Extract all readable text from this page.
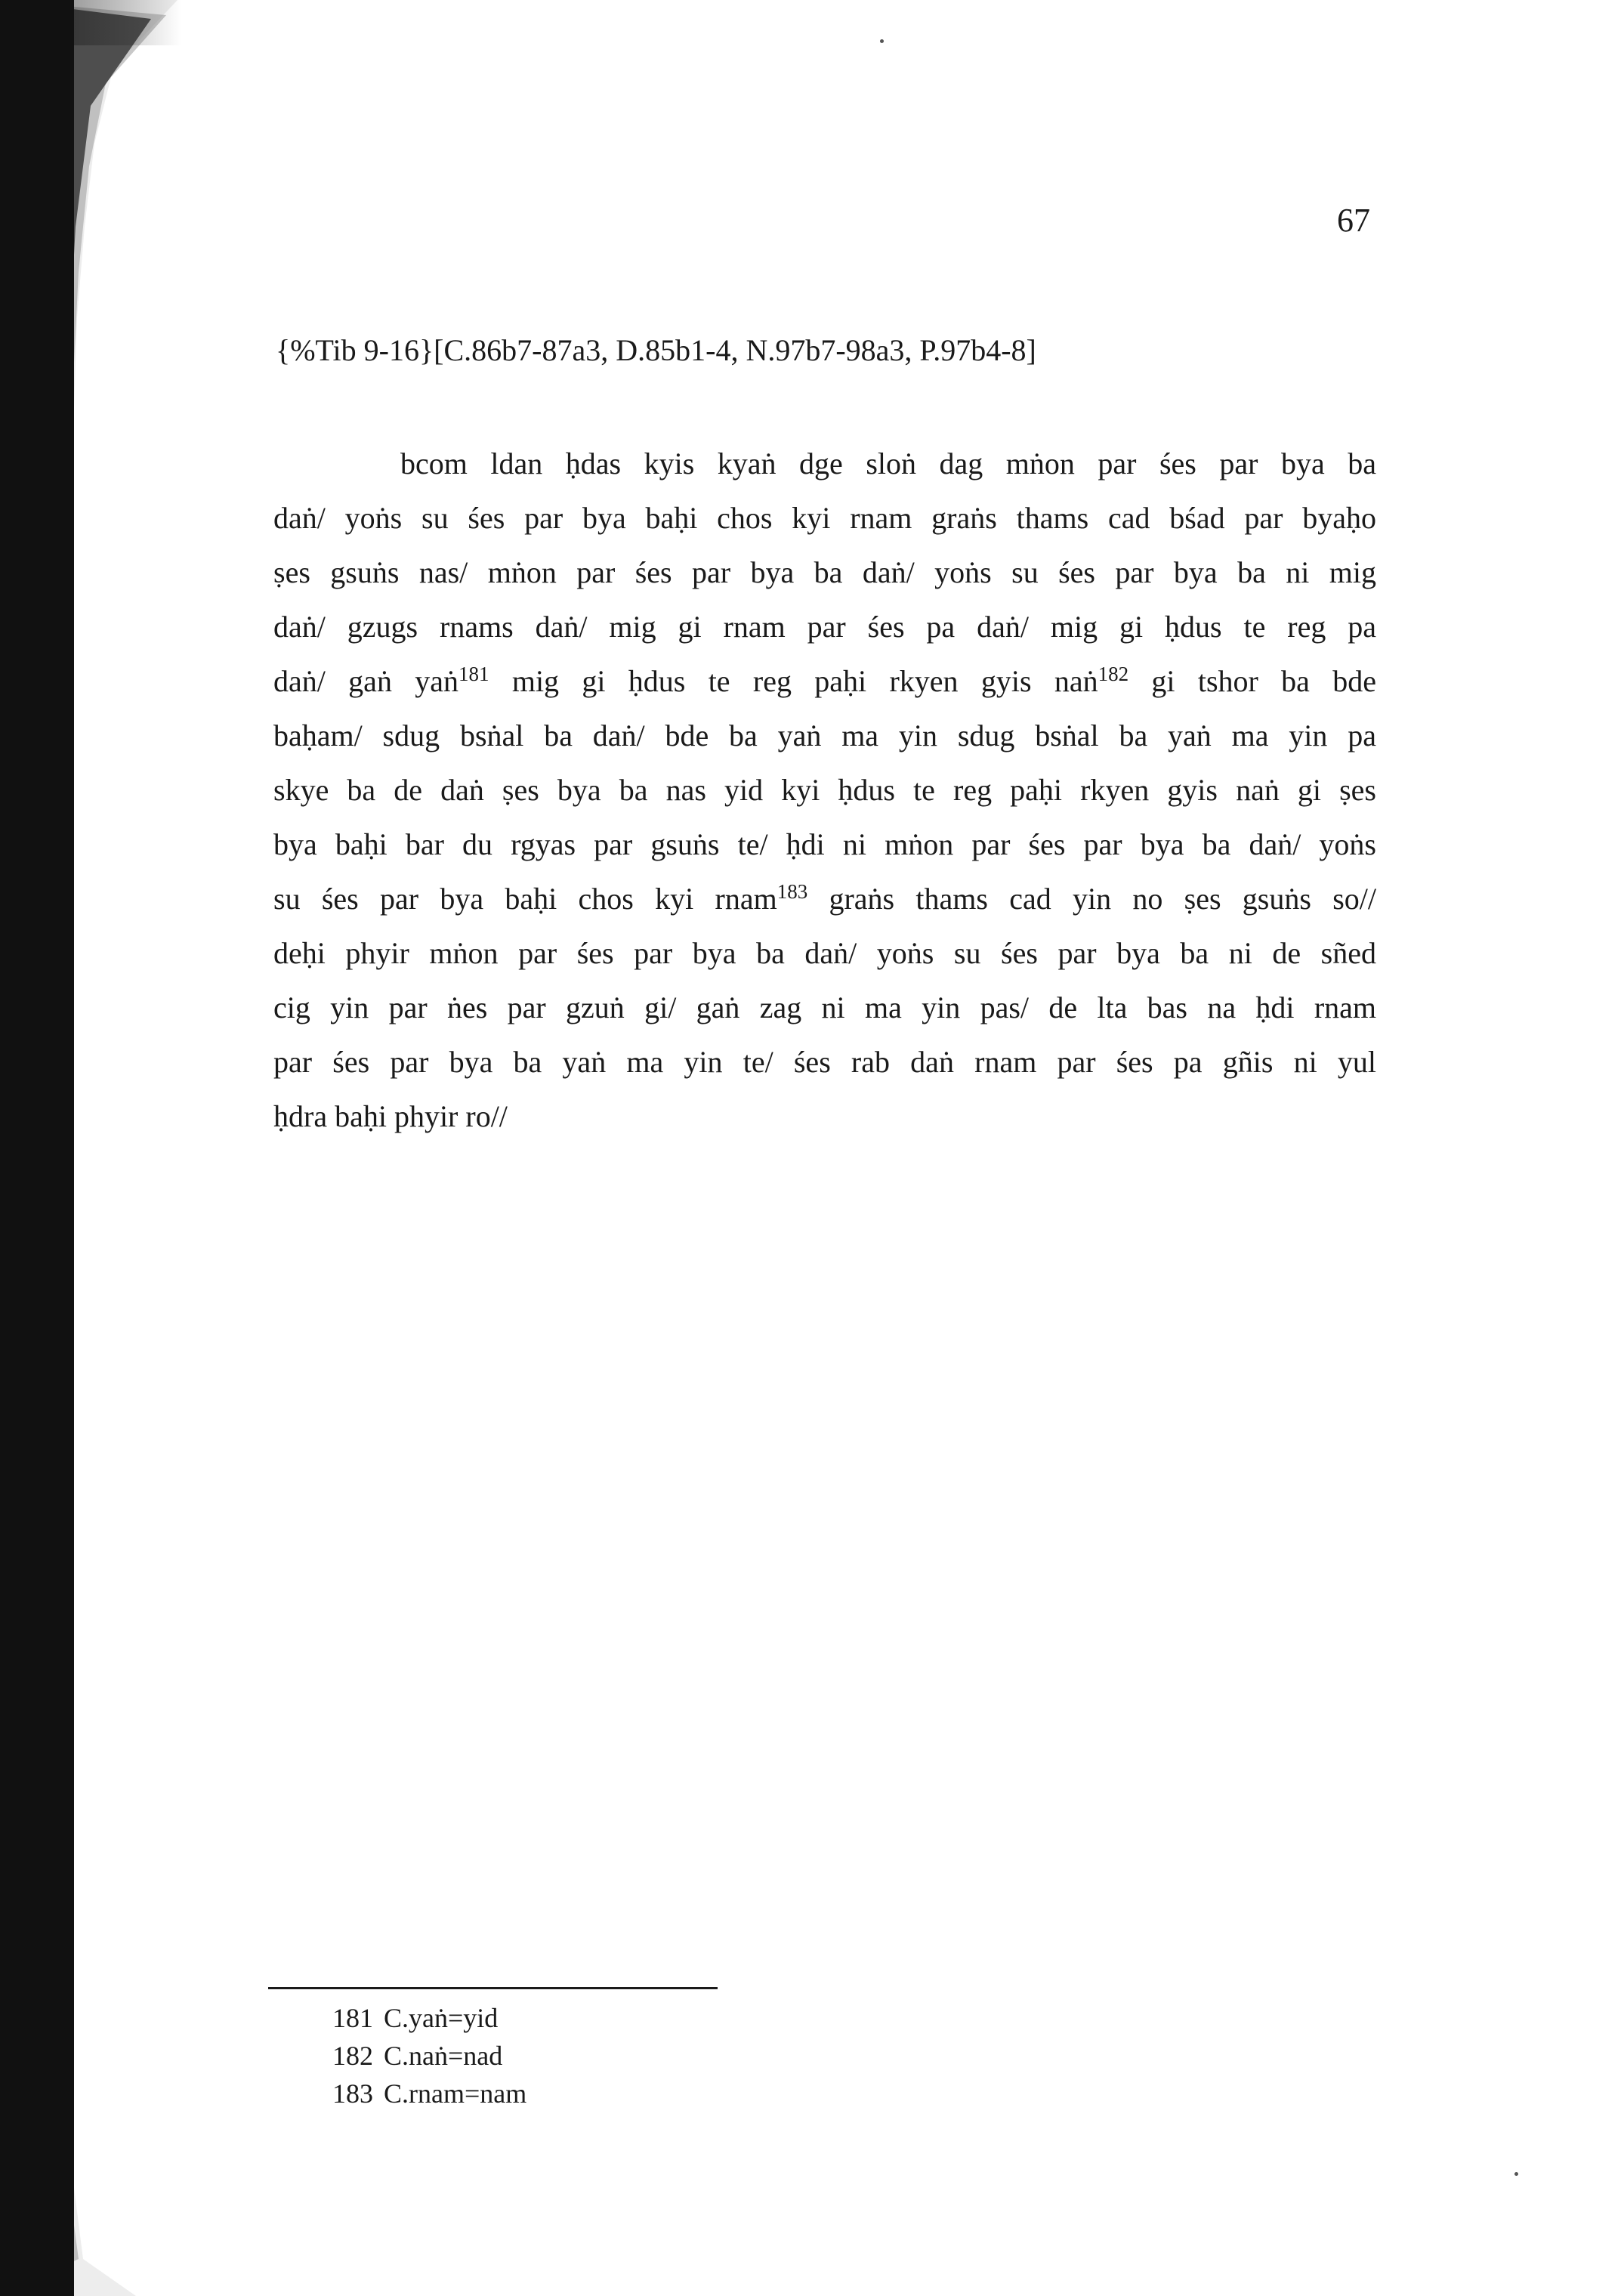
67
{%Tib 9-16}[C.86b7-87a3, D.85b1-4, N.97b7-98a3, P.97b4-8]
bcom ldan ḥdas kyis kyaṅ dge sloṅ dag mṅon par śes par bya ba
daṅ/ yoṅs su śes par bya baḥi chos kyi rnam graṅs thams cad bśad par byaḥo
ṣes gsuṅs nas/ mṅon par śes par bya ba daṅ/ yoṅs su śes par bya ba ni mig
daṅ/ gzugs rnams daṅ/ mig gi rnam par śes pa daṅ/ mig gi ḥdus te reg pa
daṅ/ gaṅ yaṅ$^{181}$ mig gi ḥdus te reg paḥi rkyen gyis naṅ$^{182}$ gi tshor ba bde
baḥam/ sdug bsṅal ba daṅ/ bde ba yaṅ ma yin sdug bsṅal ba yaṅ ma yin pa
skye ba de daṅ ṣes bya ba nas yid kyi ḥdus te reg paḥi rkyen gyis naṅ gi ṣes
bya baḥi bar du rgyas par gsuṅs te/ ḥdi ni mṅon par śes par bya ba daṅ/ yoṅs
su śes par bya baḥi chos kyi rnam$^{183}$ graṅs thams cad yin no ṣes gsuṅs so//
deḥi phyir mṅon par śes par bya ba daṅ/ yoṅs su śes par bya ba ni de sñed
cig yin par ṅes par gzuṅ gi/ gaṅ zag ni ma yin pas/ de lta bas na ḥdi rnam
par śes par bya ba yaṅ ma yin te/ śes rab daṅ rnam par śes pa gñis ni yul
ḥdra baḥi phyir ro//
181 C.yaṅ=yid
182 C.naṅ=nad
183 C.rnam=nam
